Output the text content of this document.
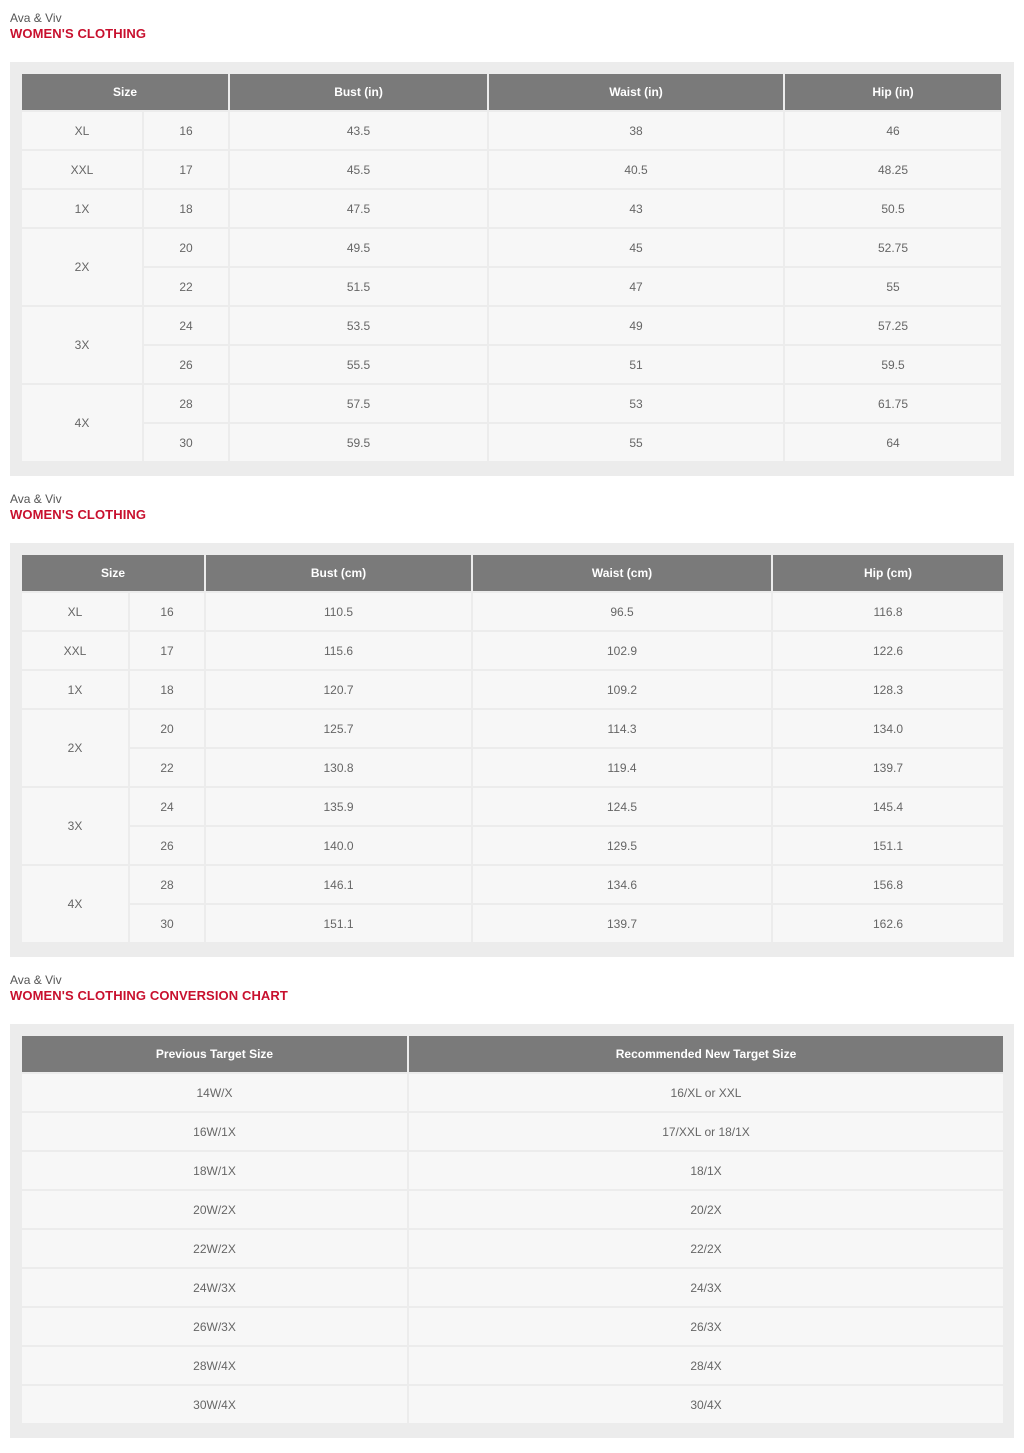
Ava & Viv
WOMEN'S CLOTHING
Size		Bust (in)	Waist (in)	Hip (in)
XL	16	43.5	38	46
XXL	17	45.5	40.5	48.25
1X	18	47.5	43	50.5
2X	20	49.5	45	52.75
	22	51.5	47	55
3X	24	53.5	49	57.25
	26	55.5	51	59.5
4X	28	57.5	53	61.75
	30	59.5	55	64
Ava & Viv
WOMEN'S CLOTHING
Size		Bust (cm)	Waist (cm)	Hip (cm)
XL	16	110.5	96.5	116.8
XXL	17	115.6	102.9	122.6
1X	18	120.7	109.2	128.3
2X	20	125.7	114.3	134.0
	22	130.8	119.4	139.7
3X	24	135.9	124.5	145.4
	26	140.0	129.5	151.1
4X	28	146.1	134.6	156.8
	30	151.1	139.7	162.6
Ava & Viv
WOMEN'S CLOTHING CONVERSION CHART
Previous Target Size	Recommended New Target Size
14W/X	16/XL or XXL
16W/1X	17/XXL or 18/1X
18W/1X	18/1X
20W/2X	20/2X
22W/2X	22/2X
24W/3X	24/3X
26W/3X	26/3X
28W/4X	28/4X
30W/4X	30/4X
